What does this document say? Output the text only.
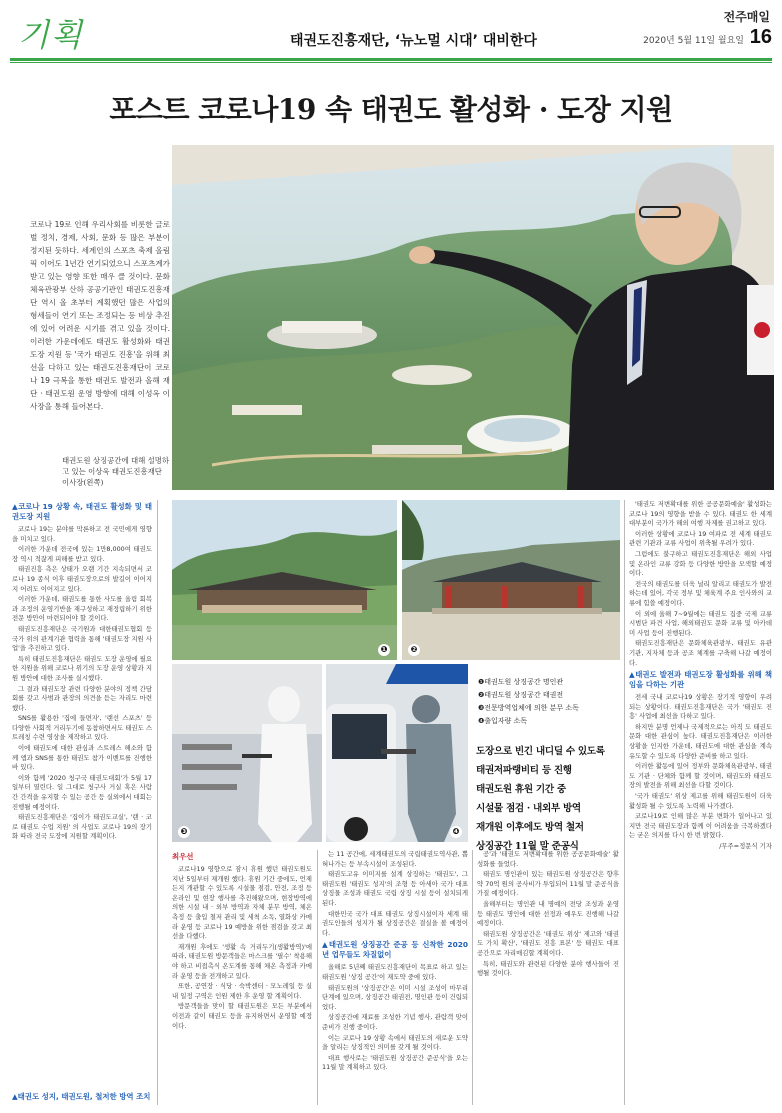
기획	태권도진흥재단, ‘뉴노멀 시대’ 대비한다
전주매일
2020년 5월 11일 월요일 16
포스트 코로나19 속 태권도 활성화 · 도장 지원
코로나 19로 인해 우리사회를 비롯한 글로벌 정치, 경제, 사회, 문화 등 많은 부분이 정지된 듯하다. 세계인의 스포츠 축제 올림픽 이어도 1년간 연기되었으니 스포츠계가 받고 있는 영향 또한 매우 클 것이다. 문화체육관광부 산하 공공기관인 태권도진흥재단 역시 올 초부터 계획했던 많은 사업의 형세들이 연기 또는 조정되는 등 비상 추진에 있어 어려운 시기를 겪고 있을 것이다. 이러한 가운데에도 태권도 활성화와 태권도장 지원 등 '국가 태권도 진흥'을 위해 최선을 다하고 있는 태권도진흥재단이 코로나 19 극복을 통한 태권도 발전과 올해 재단 · 태권도원 운영 방향에 대해 이성옥 이사장을 통해 들어본다.
태권도원 상징공간에 대해 설명하고 있는 이상욱 태권도진흥재단 이사장(왼쪽)
▲코로나 19 상황 속, 태권도 활성화 및 태권도장 지원

코로나 19는 분야를 막론하고 전 국민에게 영향을 미치고 있다.

이러한 가운데 전국에 있는 1만8,000여 태권도장 역시 적잖게 피해를 받고 있다.

태권진흥 측은 상태가 오랜 기간 지속되면서 코로나 19 종식 이후 태권도장으로의 발길이 이어지지 어려도 이어지고 있다.

이러한 가운데, 태권도를 통한 사도를 올림 회복과 조정의 운영기반을 재구성하고 재정립하기 위한 전문 방안이 마련되어야 할 것이다.

태권도진흥재단은 국기원과 대한태권도협회 등 국가 위의 관계기관 협력을 통해 '태권도장 지원 사업'을 추진하고 있다.

특히 태권도진흥재단은 태권도 도장 운영에 필요한 지원을 위해 코로나 위기의 도장 운영 상황과 지원 방안에 대한 조사를 실시했다.

그 결과 태권도장 관련 다양한 분야의 정책 간담회를 갖고 사범과 관장의 의견을 듣는 자리도 마련했다.

SNS를 활용한 '집에 들면자', '랜선 스포츠' 등 다양한 사회적 거리두기에 동참하면서도 태권도 스트레칭 수련 영상을 제작하고 있다.

이에 태권도에 대한 관심과 스트레스 해소와 함께 앱과 SNS를 통한 태권도 참가 이벤트를 진행한 바 있다.

이와 함께 '2020 청구국 태권도대회'가 5월 17일부터 열린다. 일 그대로 청구사 거실 혹은 사람 간 간격을 유지할 수 있는 공간 등 실외에서 대회는 진행될 예정이다.

태권도진흥재단은 '집이가 태권도교실', '랜 · 코로 태권도 수업 지원' 의 사업도 코로나 19의 장기화 따라 전국 도장에 지원할 계획이다.

▲태권도 성지, 태권도원, 철저한 방역 조치
❶	❷
❸	❹
❶태권도원 상징공간 명인관
❷태권도원 상징공간 태권전
❸전문방역업체에 의한 분무 소독
❹출입자량 소독
도장으로 빈긴 내디딜 수 있도록
태권저파랭비티 등 진행
태권도원 휴원 기간 중
시설물 점검 · 내외부 방역
재개원 이후에도 방역 철저
상징공간 11월 말 준공식
최우선

코로나19 영향으로 잠시 휴원 했던 태권도원도 지난 5일부터 재개원 했다. 휴원 기간 중에도, 언제든지 개관할 수 있도록 시설물 점검, 안전, 조정 등 온라인 및 현장 행사를 추진해왔으며, 현장방역에 의한 시설 내 · 외부 방역과 자체 분무 방역, 체온 측정 등 출입 철저 관리 및 세척 소독, 열화상 카메라 운영 등 코로나 19 예방을 위한 점검을 갖고 최선을 다했다.

재개원 후에도 '생활 속 거리두기(생활방역)'에 따라, 태권도원 방문객들은 마스크를 '필수' 착용해야 하고 비접촉식 온도계를 통해 체온 측정과 카메라 운영 등을 전개하고 있다.

또한, 공연장 · 식당 · 숙박센터 · 모노레일 등 실내 일정 구역은 인원 제한 후 운영 할 계획이다.

방문객들을 맞이 할 태권도원은 모든 부분에서 이전과 같이 태권도 등을 유지하면서 운영할 예정이다.

는 11 공간에, 세계태권도의 국립태권도역사관, 뽑혀나가는 등 부속시설이 조성된다.

태권도고유 이미지를 설계 상징하는 '태권도', 그 태권도원 '태권도 성지'의 조형 등 아세아 국가 대표 상징물 조성과 태권도 국립 상징 시설 등이 설치되게 된다.

대한민국 국가 대표 태권도 상징시설이자 세계 태권도인들의 성지가 될 상징공간은 결실을 볼 예정이다.

▲태권도원 상징공간 준공 등 신착한 2020년 업무들도 차질없이

올해로 5년째 태권도진흥재단이 목표로 하고 있는 태권도원 '상징 공간'이 재도약 중에 있다.

태권도원의 '상징공간'은 이미 시설 조성이 마무리 단계에 있으며, 상징공간 태권전, 명인관 등이 건립되었다.

상징공간에 재료를 조성한 기념 행사, 관람객 맞이 준비가 진행 중이다.

이는 코로나 19 상황 속에서 태권도의 새로운 도약을 알리는 상징적인 의미를 갖게 될 것이다.

대표 행사로는 '태권도원 상징공간 준공식'을 오는 11월 말 계획하고 있다.

공'과 '태권도 저변확대를 위한 공공문화예술' 활성화를 들었다.

태권도 명인관이 있는 태권도원 상징공간은 향후 약 70억 원의 공사비가 투입되어 11월 말 준공식을 가질 예정이다.

올해부터는 명인관 내 명예의 전당 조성과 운영 등 태권도 명인에 대한 선정과 예우도 진행해 나갈 예정이다.

태권도원 상징공간은 '태권도 위상' 제고와 '태권도 가치 확산', '태권도 진흥 표본' 등 태권도 대표 공간으로 자리매김할 계획이다.

특히, 태권도와 관련된 다양한 분야 행사들이 진행될 것이다.

'태권도 저변확대를 위한 공공문화예술' 활성화는 코로나 19의 영향을 받을 수 있다. 태권도 한 세계 대부분이 국가가 해외 여행 자제를 권고하고 있다.

이러한 상황에 코로나 19 여파로 전 세계 태권도 관련 기관과 교류 사업이 위축될 우려가 있다.

그럼에도 불구하고 태권도진흥재단은 해외 사업 및 온라인 교류 강화 등 다양한 방안을 모색할 예정이다.

전국의 태권도를 더욱 널리 알리고 태권도가 발전하는데 있어, 각국 정부 및 체육계 주요 인사와의 교류에 힘쓸 예정이다.

이 외에 올해 7~9월에는 태권도 집중 국제 교류 시범단 파견 사업, 해외태권도 문화 교류 및 아카데미 사업 등이 진행된다.

태권도진흥재단은 문화체육관광부, 태권도 유관기관, 지자체 등과 공조 체계를 구축해 나갈 예정이다.

▲태권도 발전과 태권도장 활성화를 위해 책임을 다하는 기관

전세 국내 코로나19 상황은 장기적 영향이 우려되는 상황이다. 태권도진흥재단은 국가 '태권도 진흥' 사업에 최선을 다하고 있다.

하지만 분명 언제나 국제적으로는 아직 도 태권도 문화 대한 관심이 높다. 태권도진흥재단은 이러한 상황을 인지한 가운데, 태권도에 대한 관심을 계속 유도할 수 있도록 다양한 준비를 하고 있다.

이러한 활동에 있어 정부와 문화체육관광부, 태권도 기관 · 단체와 함께 할 것이며, 태권도와 태권도장의 발전을 위해 최선을 다할 것이다.

'국가 태권도' 위상 제고를 위해 태권도원이 더욱 활성화 될 수 있도록 노력해 나가겠다.

코로나19로 인해 많은 부분 변화가 일어나고 있지만 전국 태권도장과 함께 이 어려움을 극복하겠다는 굳은 의지를 다시 한 번 밝혔다.

/무주=정문식 기자
